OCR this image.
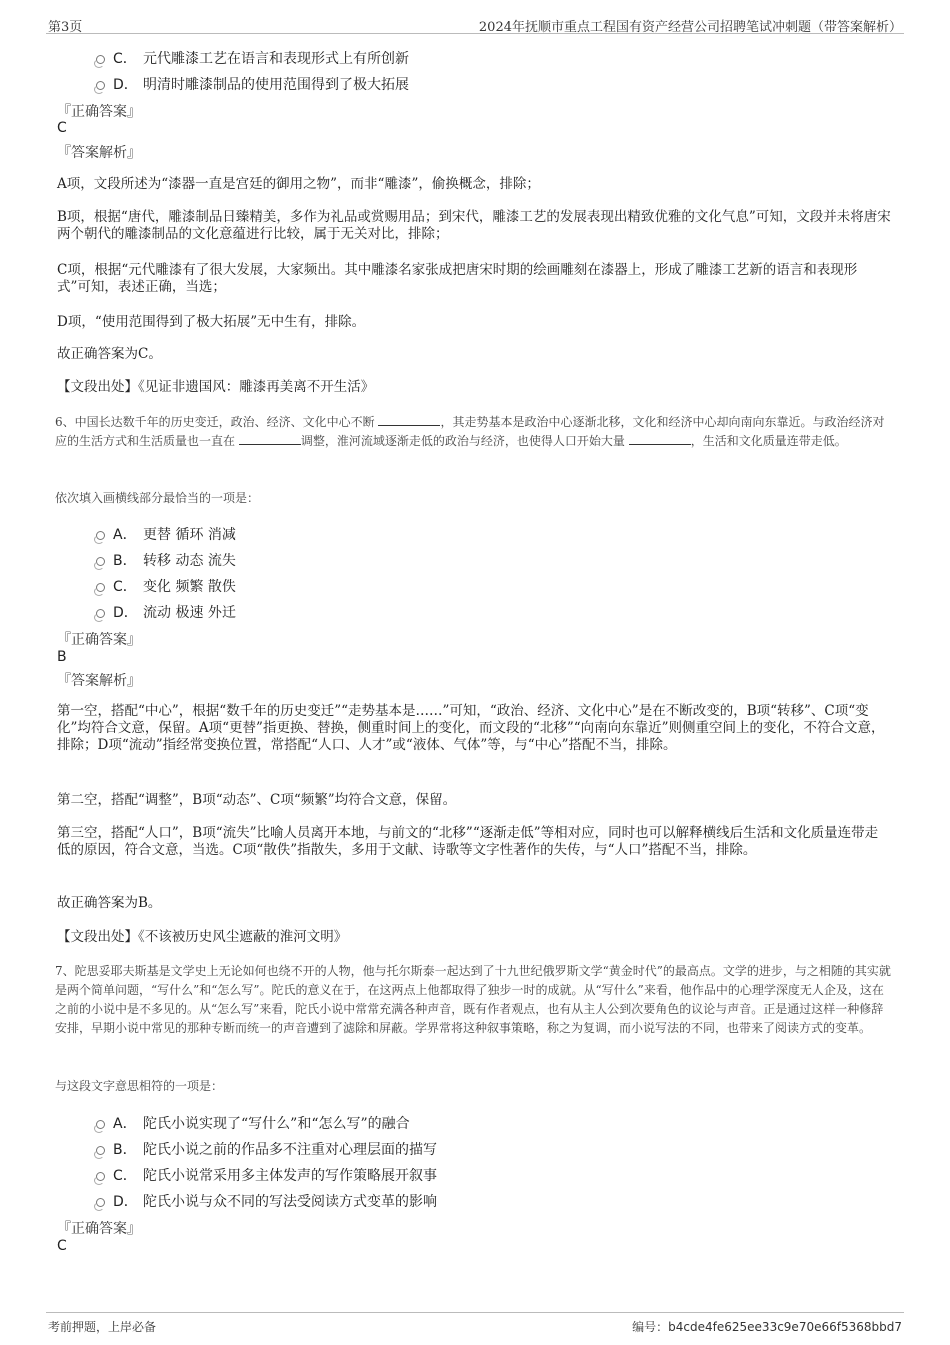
第3页	2024年抚顺市重点工程国有资产经营公司招聘笔试冲刺题（带答案解析）
C． 元代雕漆工艺在语言和表现形式上有所创新
D． 明清时雕漆制品的使用范围得到了极大拓展
『正确答案』
C
『答案解析』
A项，文段所述为“漆器一直是宫廷的御用之物”，而非“雕漆”，偷换概念，排除；
B项，根据“唐代，雕漆制品日臻精美，多作为礼品或赏赐用品；到宋代，雕漆工艺的发展表现出精致优雅的文化气息”可知，文段并未将唐宋两个朝代的雕漆制品的文化意蕴进行比较，属于无关对比，排除；
C项，根据“元代雕漆有了很大发展，大家频出。其中雕漆名家张成把唐宋时期的绘画雕刻在漆器上，形成了雕漆工艺新的语言和表现形式”可知，表述正确，当选；
D项，“使用范围得到了极大拓展”无中生有，排除。
故正确答案为C。
【文段出处】《见证非遗国风：雕漆再美离不开生活》
6、中国长达数千年的历史变迁，政治、经济、文化中心不断	，其走势基本是政治中心逐渐北移，文化和经济中心却向南向东靠近。与政治经济对应的生活方式和生活质量也一直在	调整，淮河流域逐渐走低的政治与经济，也使得人口开始大量	，生活和文化质量连带走低。
依次填入画横线部分最恰当的一项是：
A． 更替 循环 消减
B． 转移 动态 流失
C． 变化 频繁 散佚
D． 流动 极速 外迁
『正确答案』
B
『答案解析』
第一空，搭配“中心”，根据“数千年的历史变迁”“走势基本是……”可知，“政治、经济、文化中心”是在不断改变的，B项“转移”、C项“变化”均符合文意，保留。A项“更替”指更换、替换，侧重时间上的变化，而文段的“北移”“向南向东靠近”则侧重空间上的变化，不符合文意，排除；D项“流动”指经常变换位置，常搭配“人口、人才”或“液体、气体”等，与“中心”搭配不当，排除。
第二空，搭配“调整”，B项“动态”、C项“频繁”均符合文意，保留。
第三空，搭配“人口”，B项“流失”比喻人员离开本地，与前文的“北移”“逐渐走低”等相对应，同时也可以解释横线后生活和文化质量连带走低的原因，符合文意，当选。C项“散佚”指散失，多用于文献、诗歌等文字性著作的失传，与“人口”搭配不当，排除。
故正确答案为B。
【文段出处】《不该被历史风尘遮蔽的淮河文明》
7、陀思妥耶夫斯基是文学史上无论如何也绕不开的人物，他与托尔斯泰一起达到了十九世纪俄罗斯文学“黄金时代”的最高点。文学的进步，与之相随的其实就是两个简单问题，“写什么”和“怎么写”。陀氏的意义在于，在这两点上他都取得了独步一时的成就。从“写什么”来看，他作品中的心理学深度无人企及，这在之前的小说中是不多见的。从“怎么写”来看，陀氏小说中常常充满各种声音，既有作者观点，也有从主人公到次要角色的议论与声音。正是通过这样一种修辞安排，早期小说中常见的那种专断而统一的声音遭到了滤除和屏蔽。学界常将这种叙事策略，称之为复调，而小说写法的不同，也带来了阅读方式的变革。
与这段文字意思相符的一项是：
A． 陀氏小说实现了“写什么”和“怎么写”的融合
B． 陀氏小说之前的作品多不注重对心理层面的描写
C． 陀氏小说常采用多主体发声的写作策略展开叙事
D． 陀氏小说与众不同的写法受阅读方式变革的影响
『正确答案』
C
考前押题，上岸必备	编号：b4cde4fe625ee33c9e70e66f5368bbd7
